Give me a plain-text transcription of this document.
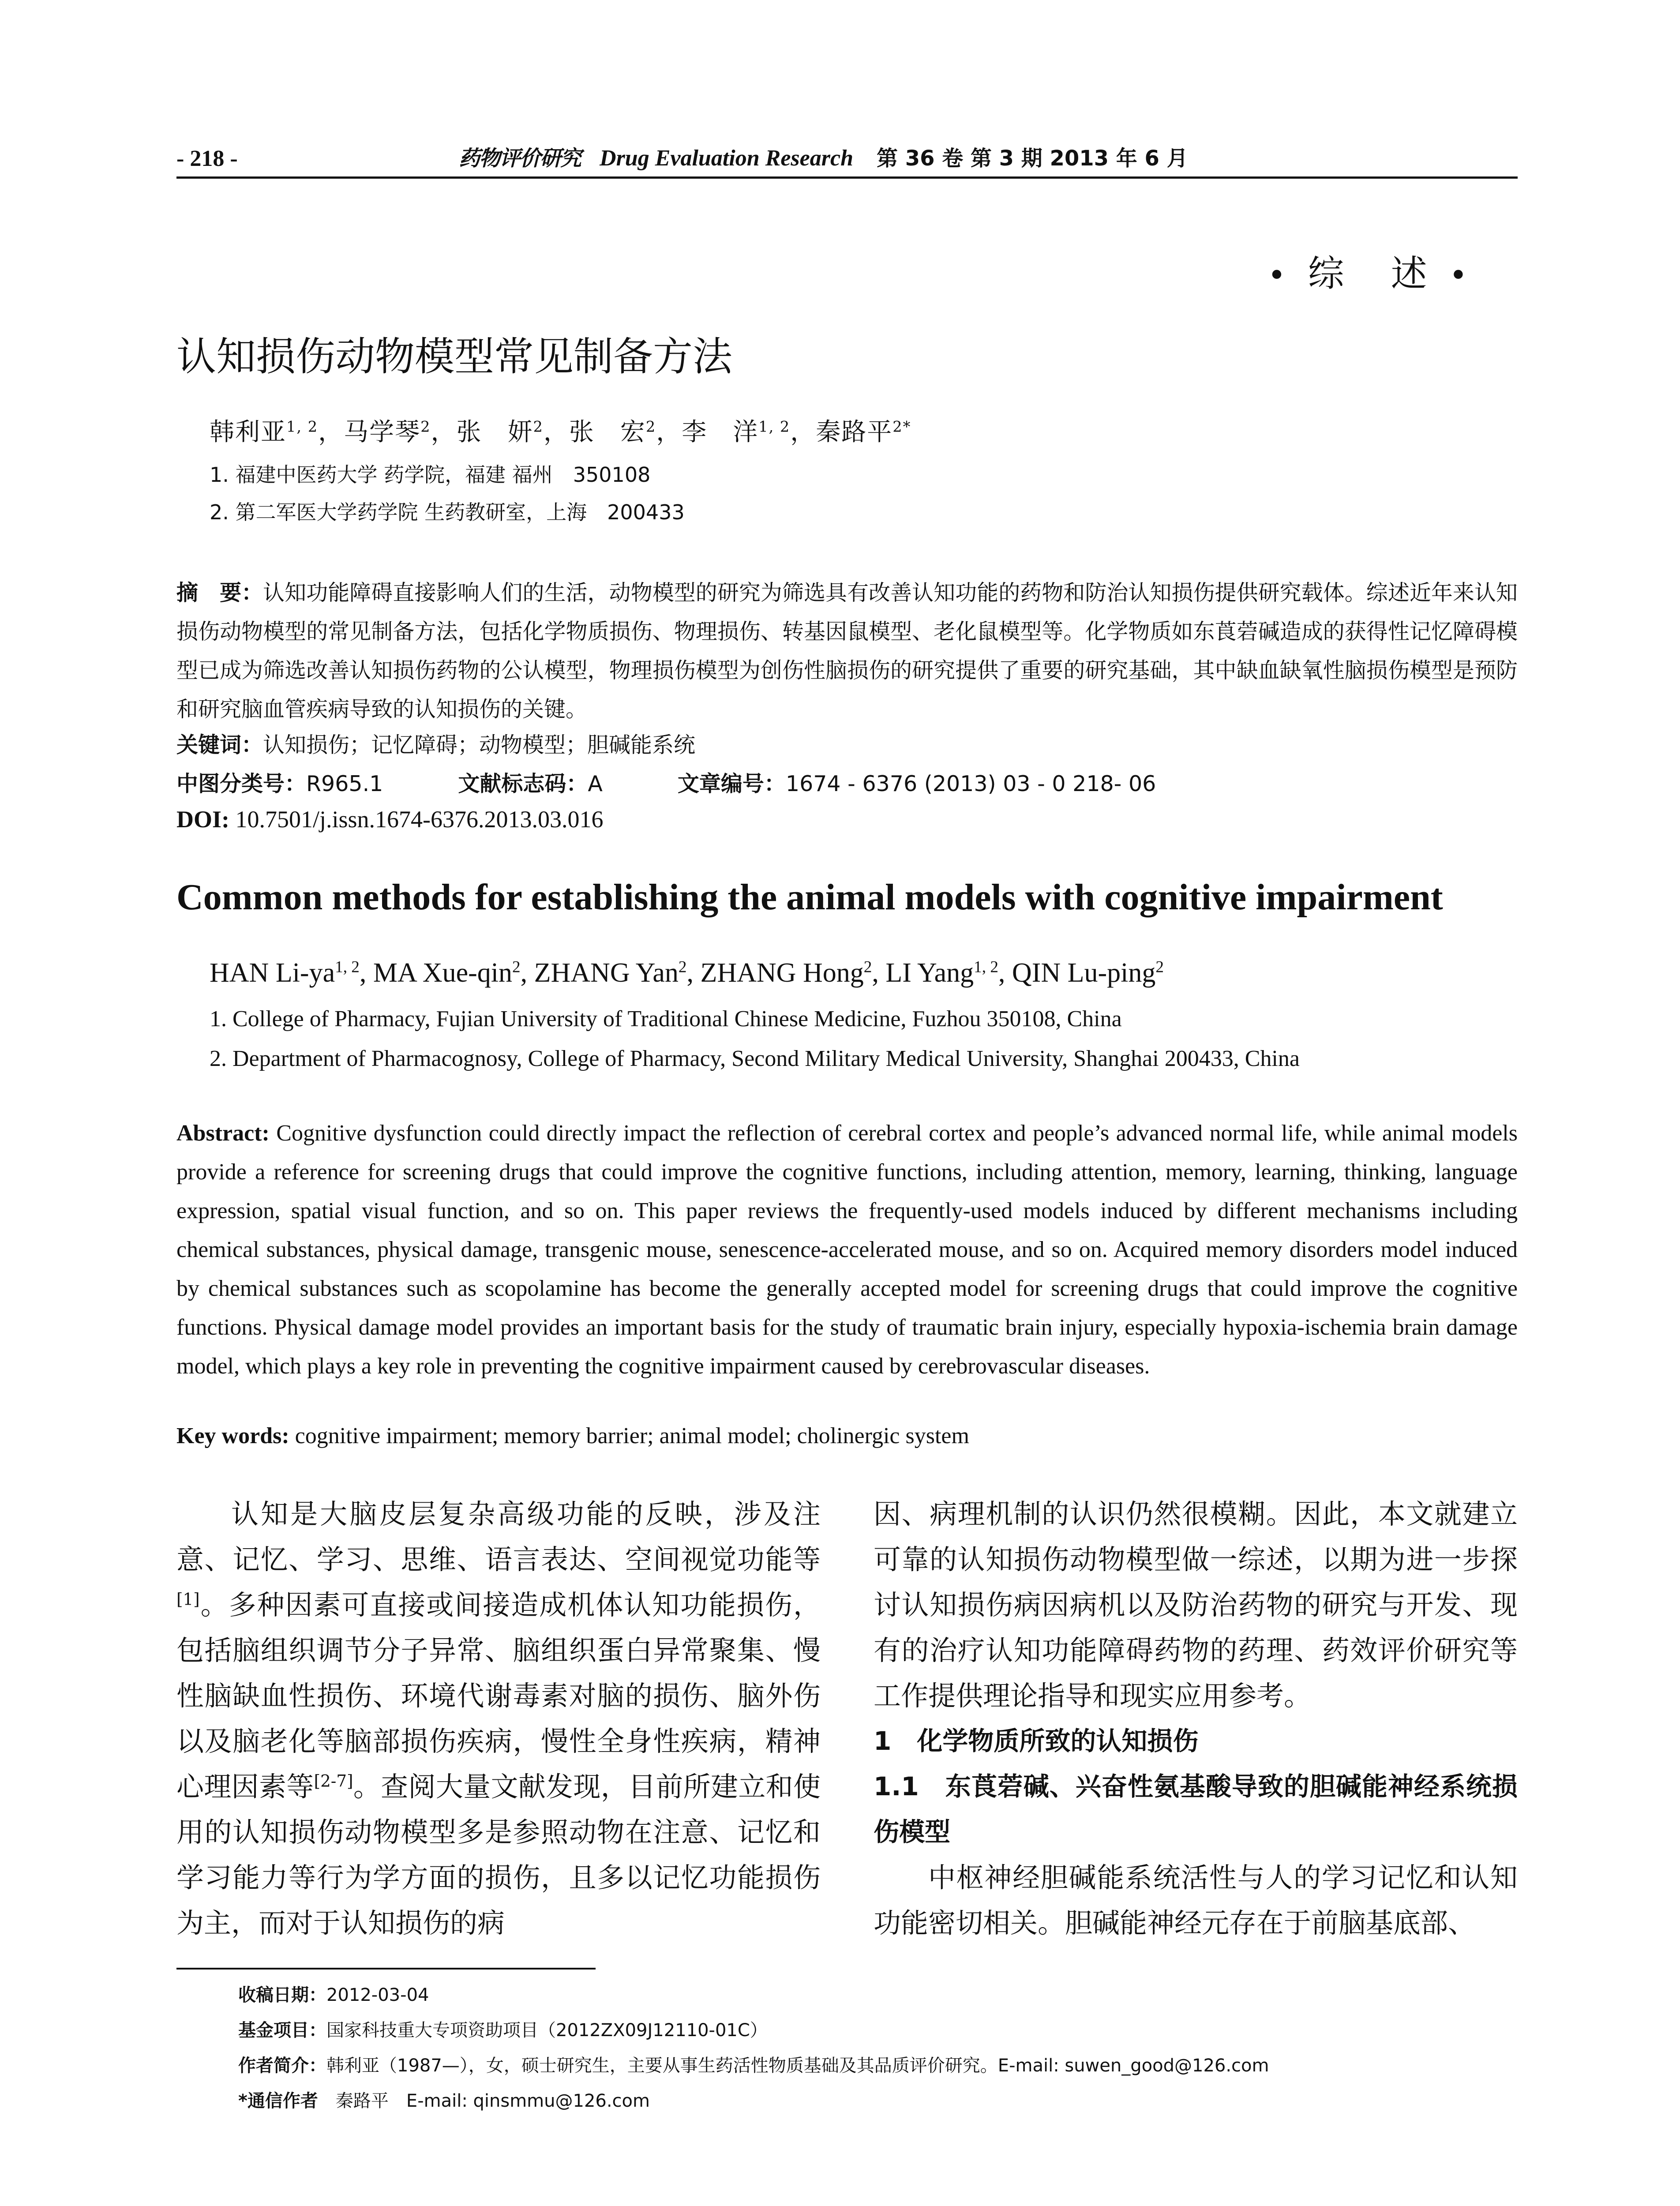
- 218 -	药物评价研究 Drug Evaluation Research 第 36 卷 第 3 期 2013 年 6 月
• 综　述 •
认知损伤动物模型常见制备方法
韩利亚$^{1, 2}$，马学琴$^2$，张　妍$^2$，张　宏$^2$，李　洋$^{1, 2}$，秦路平$^{2*}$
1. 福建中医药大学 药学院，福建 福州　350108
2. 第二军医大学药学院 生药教研室，上海　200433
摘　要：认知功能障碍直接影响人们的生活，动物模型的研究为筛选具有改善认知功能的药物和防治认知损伤提供研究载体。综述近年来认知损伤动物模型的常见制备方法，包括化学物质损伤、物理损伤、转基因鼠模型、老化鼠模型等。化学物质如东莨菪碱造成的获得性记忆障碍模型已成为筛选改善认知损伤药物的公认模型，物理损伤模型为创伤性脑损伤的研究提供了重要的研究基础，其中缺血缺氧性脑损伤模型是预防和研究脑血管疾病导致的认知损伤的关键。
关键词：认知损伤；记忆障碍；动物模型；胆碱能系统
中图分类号：R965.1	文献标志码：A	文章编号：1674 - 6376 (2013) 03 - 0 218- 06
DOI: 10.7501/j.issn.1674-6376.2013.03.016
Common methods for establishing the animal models with cognitive impairment
HAN Li-ya$^{1, 2}$, MA Xue-qin$^2$, ZHANG Yan$^2$, ZHANG Hong$^2$, LI Yang$^{1, 2}$, QIN Lu-ping$^2$
1. College of Pharmacy, Fujian University of Traditional Chinese Medicine, Fuzhou 350108, China
2. Department of Pharmacognosy, College of Pharmacy, Second Military Medical University, Shanghai 200433, China
Abstract: Cognitive dysfunction could directly impact the reflection of cerebral cortex and people’s advanced normal life, while animal models provide a reference for screening drugs that could improve the cognitive functions, including attention, memory, learning, thinking, language expression, spatial visual function, and so on. This paper reviews the frequently-used models induced by different mechanisms including chemical substances, physical damage, transgenic mouse, senescence-accelerated mouse, and so on. Acquired memory disorders model induced by chemical substances such as scopolamine has become the generally accepted model for screening drugs that could improve the cognitive functions. Physical damage model provides an important basis for the study of traumatic brain injury, especially hypoxia-ischemia brain damage model, which plays a key role in preventing the cognitive impairment caused by cerebrovascular diseases.
Key words: cognitive impairment; memory barrier; animal model; cholinergic system

认知是大脑皮层复杂高级功能的反映，涉及注意、记忆、学习、思维、语言表达、空间视觉功能等[1]。多种因素可直接或间接造成机体认知功能损伤，包括脑组织调节分子异常、脑组织蛋白异常聚集、慢性脑缺血性损伤、环境代谢毒素对脑的损伤、脑外伤以及脑老化等脑部损伤疾病，慢性全身性疾病，精神心理因素等[2-7]。查阅大量文献发现，目前所建立和使用的认知损伤动物模型多是参照动物在注意、记忆和学习能力等行为学方面的损伤，且多以记忆功能损伤为主，而对于认知损伤的病

因、病理机制的认识仍然很模糊。因此，本文就建立可靠的认知损伤动物模型做一综述，以期为进一步探讨认知损伤病因病机以及防治药物的研究与开发、现有的治疗认知功能障碍药物的药理、药效评价研究等工作提供理论指导和现实应用参考。

1　化学物质所致的认知损伤

1.1　东莨菪碱、兴奋性氨基酸导致的胆碱能神经系统损伤模型

中枢神经胆碱能系统活性与人的学习记忆和认知功能密切相关。胆碱能神经元存在于前脑基底部、

收稿日期：2012-03-04
基金项目：国家科技重大专项资助项目（2012ZX09J12110-01C）
作者简介：韩利亚（1987—），女，硕士研究生，主要从事生药活性物质基础及其品质评价研究。E-mail: suwen_good@126.com
*通信作者　 秦路平　E-mail: qinsmmu@126.com
